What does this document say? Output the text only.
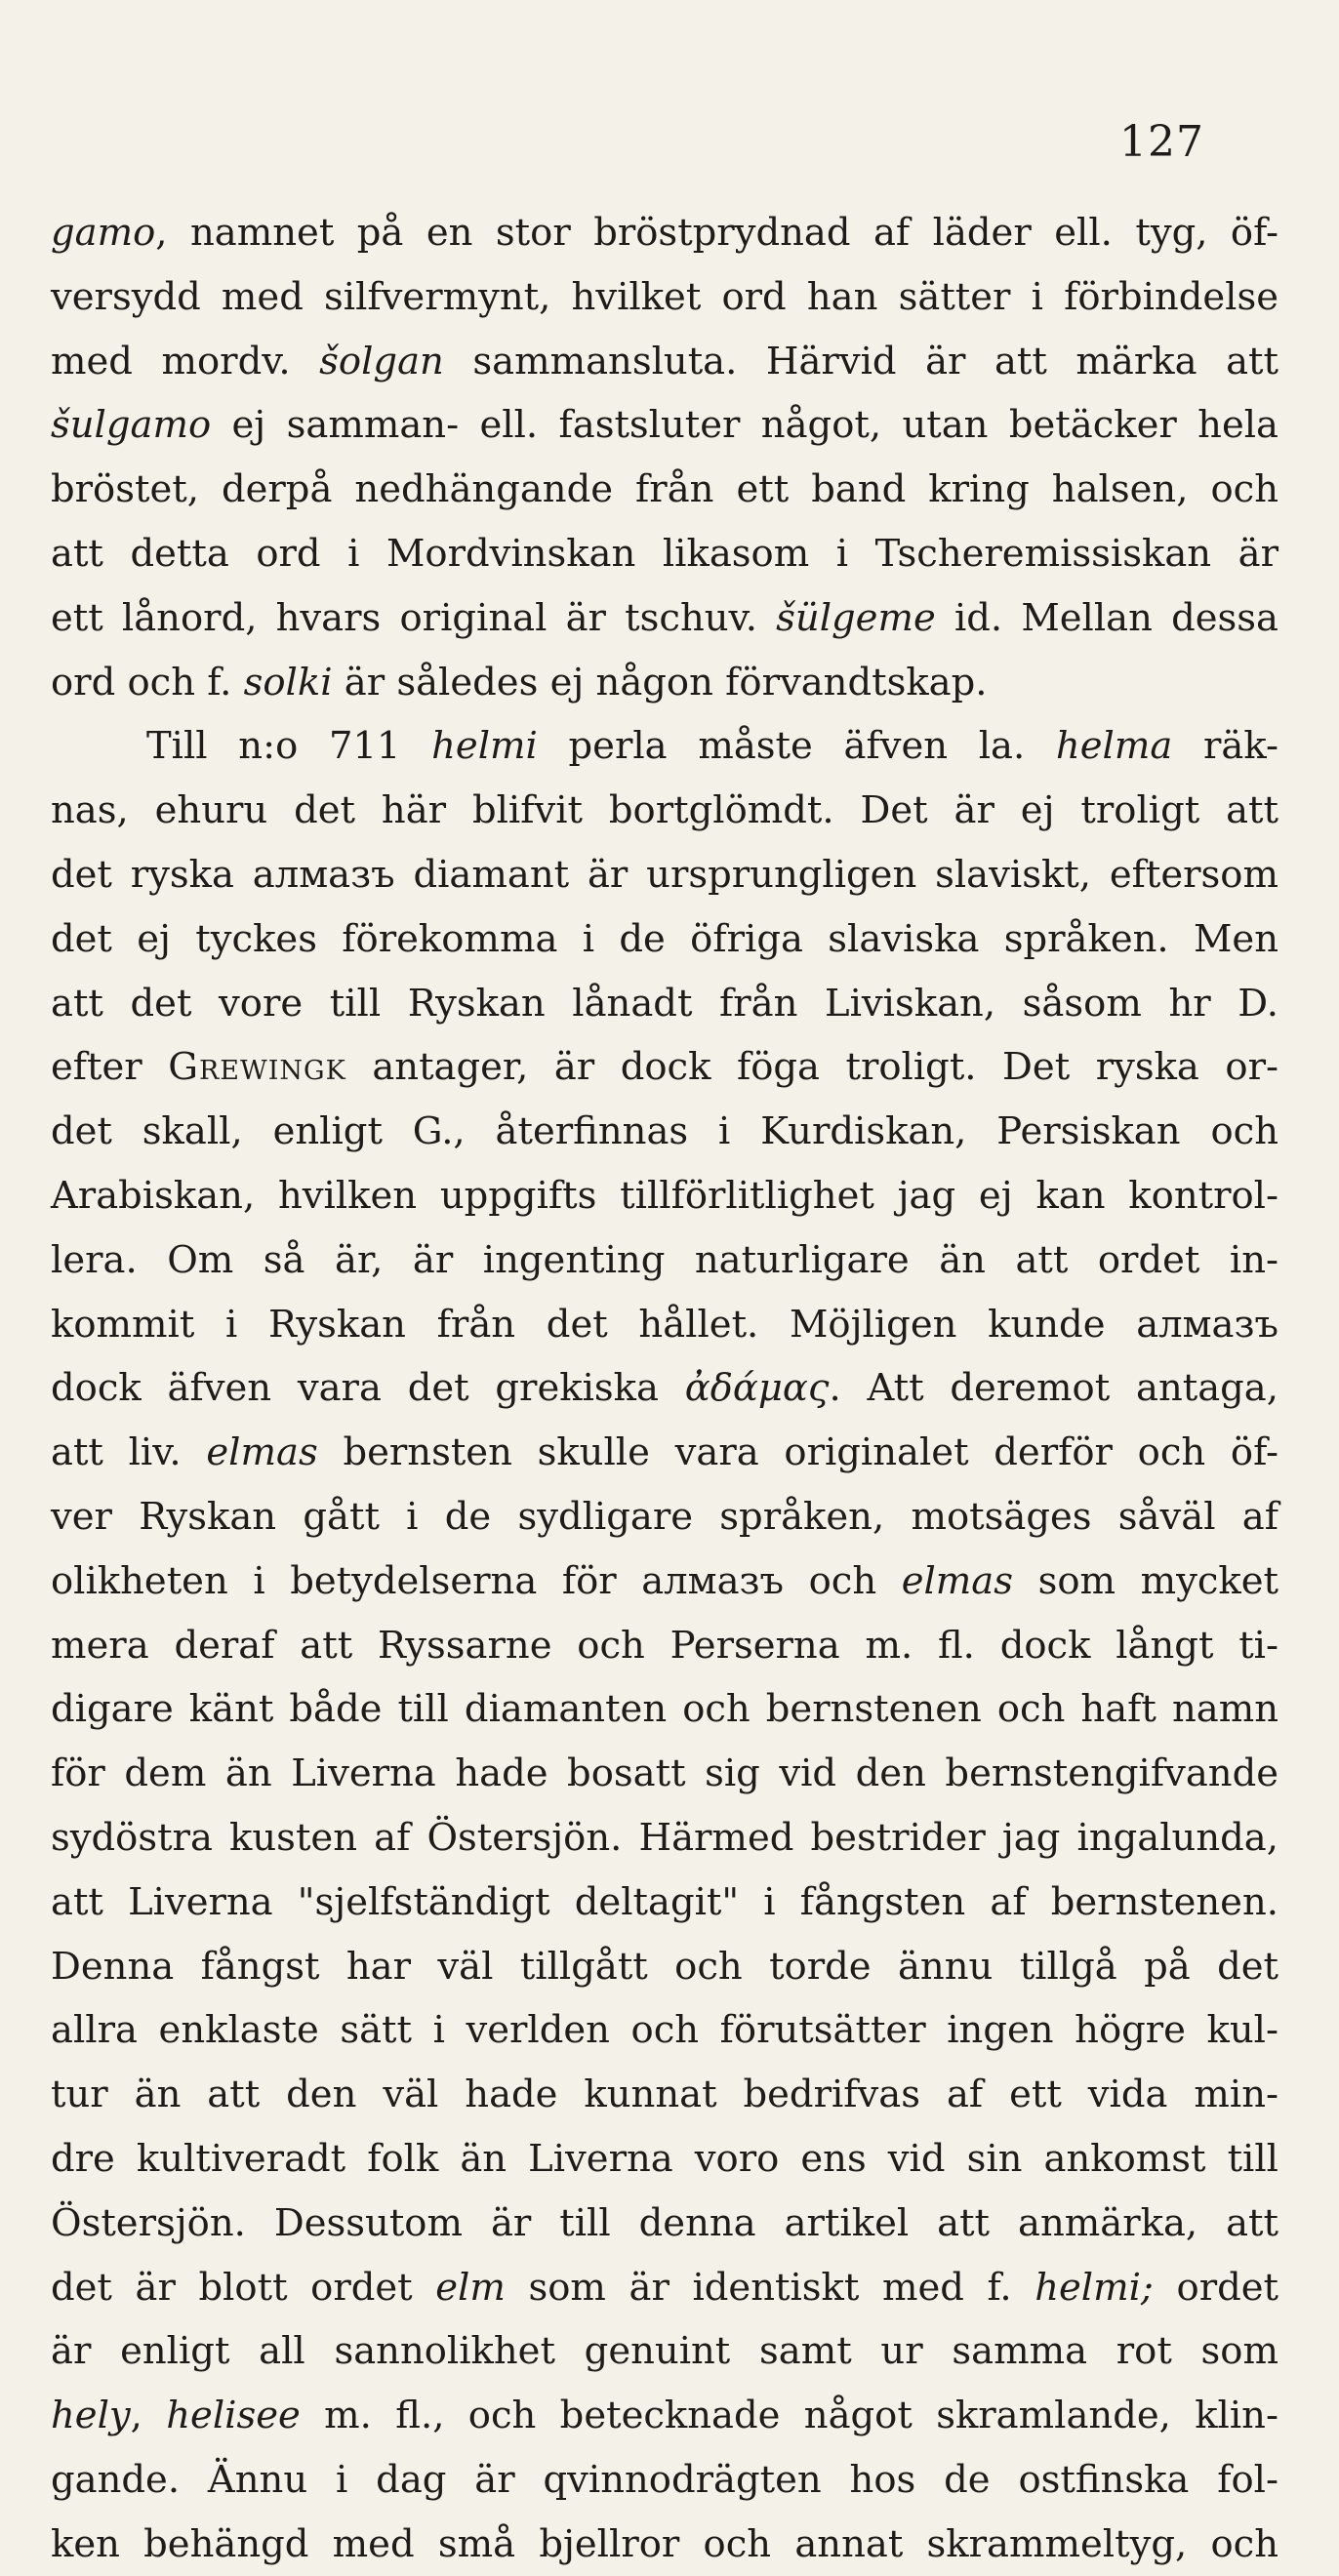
127
gamo, namnet på en stor bröstprydnad af läder ell. tyg, öf-
versydd med silfvermynt, hvilket ord han sätter i förbindelse
med mordv. šolgan sammansluta. Härvid är att märka att
šulgamo ej samman- ell. fastsluter något, utan betäcker hela
bröstet, derpå nedhängande från ett band kring halsen, och
att detta ord i Mordvinskan likasom i Tscheremissiskan är
ett lånord, hvars original är tschuv. šülgeme id. Mellan dessa
ord och f. solki är således ej någon förvandtskap.
Till n:o 711 helmi perla måste äfven la. helma räk-
nas, ehuru det här blifvit bortglömdt. Det är ej troligt att
det ryska алмазъ diamant är ursprungligen slaviskt, eftersom
det ej tyckes förekomma i de öfriga slaviska språken. Men
att det vore till Ryskan lånadt från Liviskan, såsom hr D.
efter Grewingk antager, är dock föga troligt. Det ryska or-
det skall, enligt G., återfinnas i Kurdiskan, Persiskan och
Arabiskan, hvilken uppgifts tillförlitlighet jag ej kan kontrol-
lera. Om så är, är ingenting naturligare än att ordet in-
kommit i Ryskan från det hållet. Möjligen kunde алмазъ
dock äfven vara det grekiska ἀδάμας. Att deremot antaga,
att liv. elmas bernsten skulle vara originalet derför och öf-
ver Ryskan gått i de sydligare språken, motsäges såväl af
olikheten i betydelserna för алмазъ och elmas som mycket
mera deraf att Ryssarne och Perserna m. fl. dock långt ti-
digare känt både till diamanten och bernstenen och haft namn
för dem än Liverna hade bosatt sig vid den bernstengifvande
sydöstra kusten af Östersjön. Härmed bestrider jag ingalunda,
att Liverna "sjelfständigt deltagit" i fångsten af bernstenen.
Denna fångst har väl tillgått och torde ännu tillgå på det
allra enklaste sätt i verlden och förutsätter ingen högre kul-
tur än att den väl hade kunnat bedrifvas af ett vida min-
dre kultiveradt folk än Liverna voro ens vid sin ankomst till
Östersjön. Dessutom är till denna artikel att anmärka, att
det är blott ordet elm som är identiskt med f. helmi; ordet
är enligt all sannolikhet genuint samt ur samma rot som
hely, helisee m. fl., och betecknade något skramlande, klin-
gande. Ännu i dag är qvinnodrägten hos de ostfinska fol-
ken behängd med små bjellror och annat skrammeltyg, och
